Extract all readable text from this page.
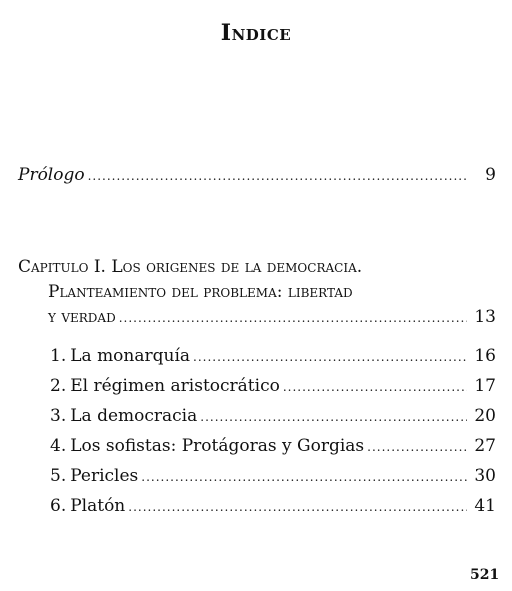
Indice
Prólogo .....	9
Capitulo I. Los origenes de la democracia.
Planteamiento del problema: libertad
y verdad .....	13
1. La monarquía .....	16
2. El régimen aristocrático .....	17
3. La democracia .....	20
4. Los sofistas: Protágoras y Gorgias .....	27
5. Pericles .....	30
6. Platón .....	41
521
